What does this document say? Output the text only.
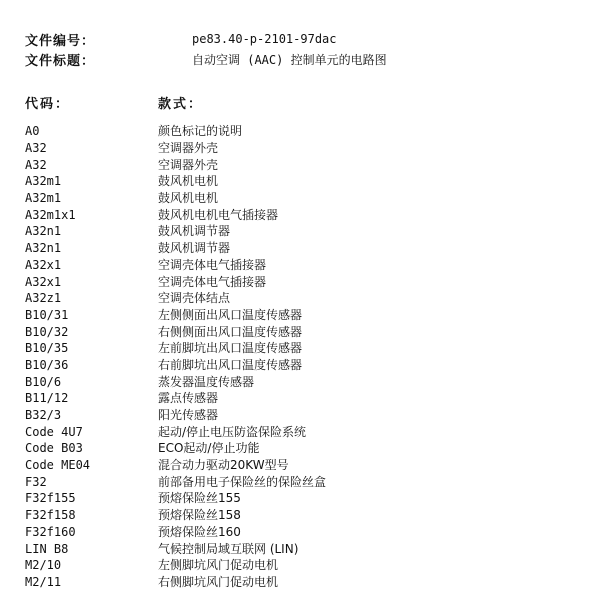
文件编号：	pe83.40-p-2101-97dac
文件标题：	自动空调 (AAC) 控制单元的电路图
代码：	款式：
A0	颜色标记的说明
A32	空调器外壳
A32	空调器外壳
A32m1	鼓风机电机
A32m1	鼓风机电机
A32m1x1	鼓风机电机电气插接器
A32n1	鼓风机调节器
A32n1	鼓风机调节器
A32x1	空调壳体电气插接器
A32x1	空调壳体电气插接器
A32z1	空调壳体结点
B10/31	左侧侧面出风口温度传感器
B10/32	右侧侧面出风口温度传感器
B10/35	左前脚坑出风口温度传感器
B10/36	右前脚坑出风口温度传感器
B10/6	蒸发器温度传感器
B11/12	露点传感器
B32/3	阳光传感器
Code 4U7	起动/停止电压防盗保险系统
Code B03	ECO起动/停止功能
Code ME04	混合动力驱动20KW型号
F32	前部备用电子保险丝的保险丝盒
F32f155	预熔保险丝155
F32f158	预熔保险丝158
F32f160	预熔保险丝160
LIN B8	气候控制局域互联网 (LIN)
M2/10	左侧脚坑风门促动电机
M2/11	右侧脚坑风门促动电机
